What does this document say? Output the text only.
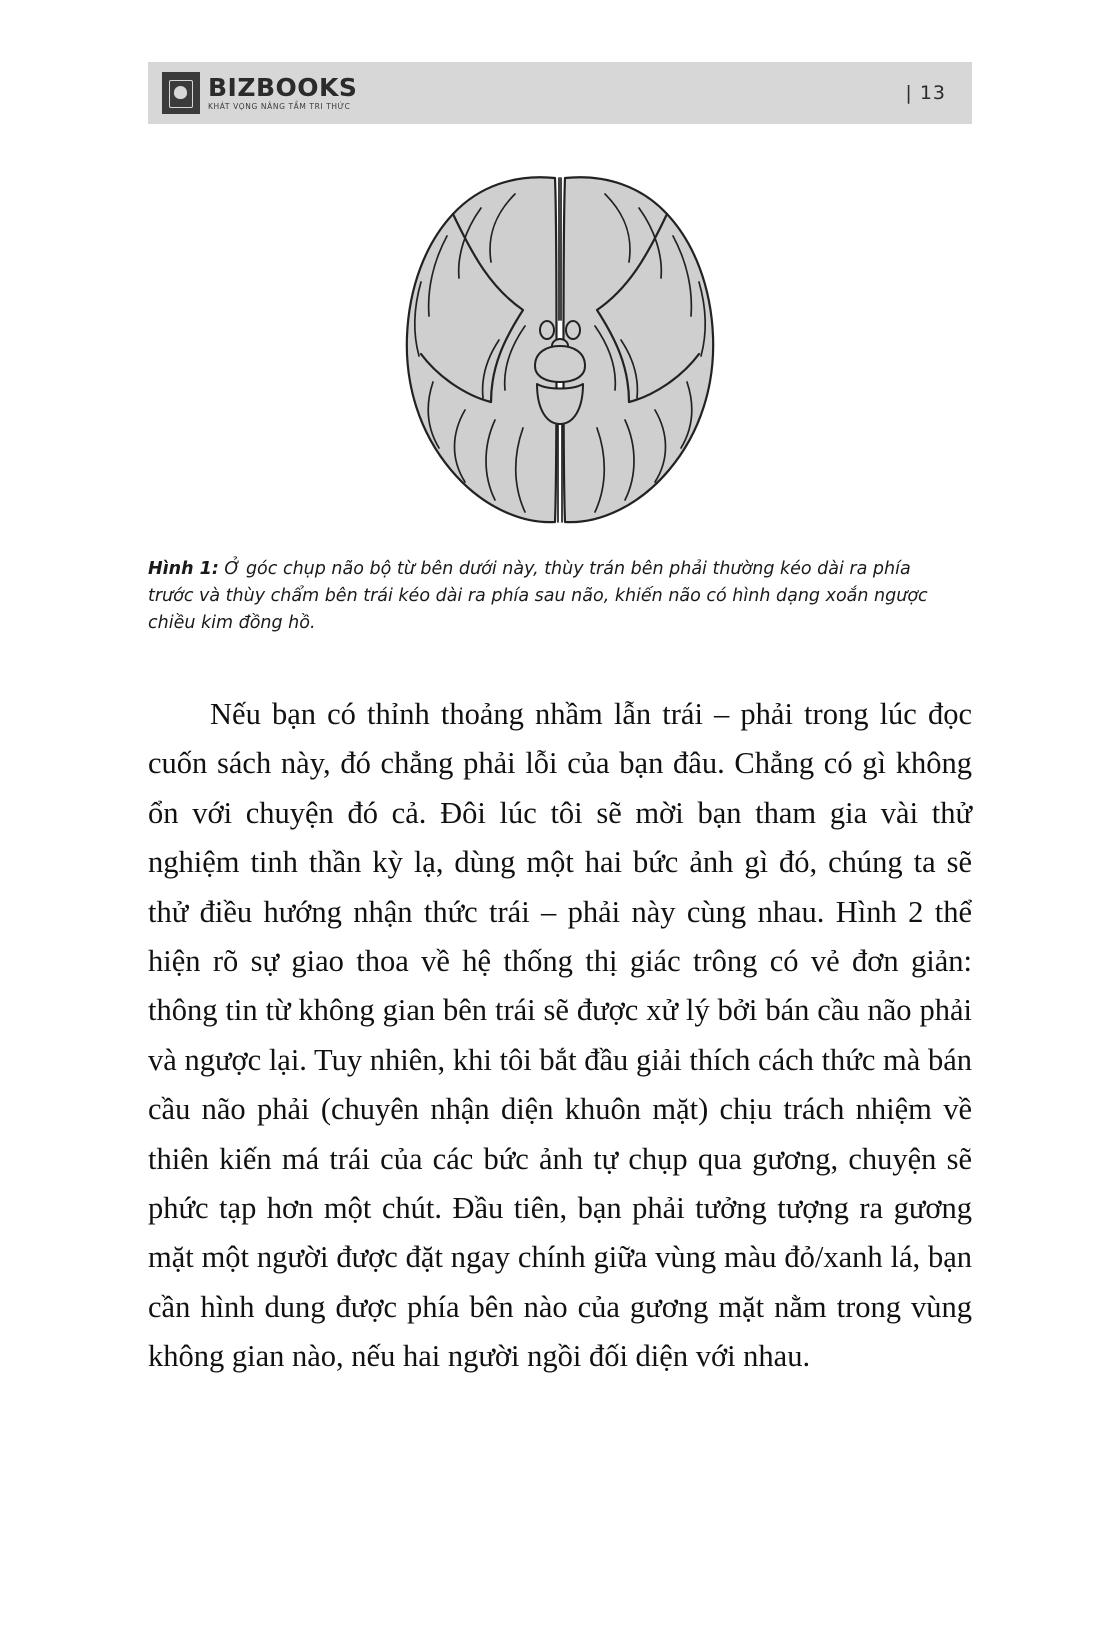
BIZBOOKS
KHÁT VỌNG NÂNG TẦM TRI THỨC
| 13
Hình 1: Ở góc chụp não bộ từ bên dưới này, thùy trán bên phải thường kéo dài ra phía trước và thùy chẩm bên trái kéo dài ra phía sau não, khiến não có hình dạng xoắn ngược chiều kim đồng hồ.

Nếu bạn có thỉnh thoảng nhầm lẫn trái – phải trong lúc đọc cuốn sách này, đó chẳng phải lỗi của bạn đâu. Chẳng có gì không ổn với chuyện đó cả. Đôi lúc tôi sẽ mời bạn tham gia vài thử nghiệm tinh thần kỳ lạ, dùng một hai bức ảnh gì đó, chúng ta sẽ thử điều hướng nhận thức trái – phải này cùng nhau. Hình 2 thể hiện rõ sự giao thoa về hệ thống thị giác trông có vẻ đơn giản: thông tin từ không gian bên trái sẽ được xử lý bởi bán cầu não phải và ngược lại. Tuy nhiên, khi tôi bắt đầu giải thích cách thức mà bán cầu não phải (chuyên nhận diện khuôn mặt) chịu trách nhiệm về thiên kiến má trái của các bức ảnh tự chụp qua gương, chuyện sẽ phức tạp hơn một chút. Đầu tiên, bạn phải tưởng tượng ra gương mặt một người được đặt ngay chính giữa vùng màu đỏ/xanh lá, bạn cần hình dung được phía bên nào của gương mặt nằm trong vùng không gian nào, nếu hai người ngồi đối diện với nhau.
